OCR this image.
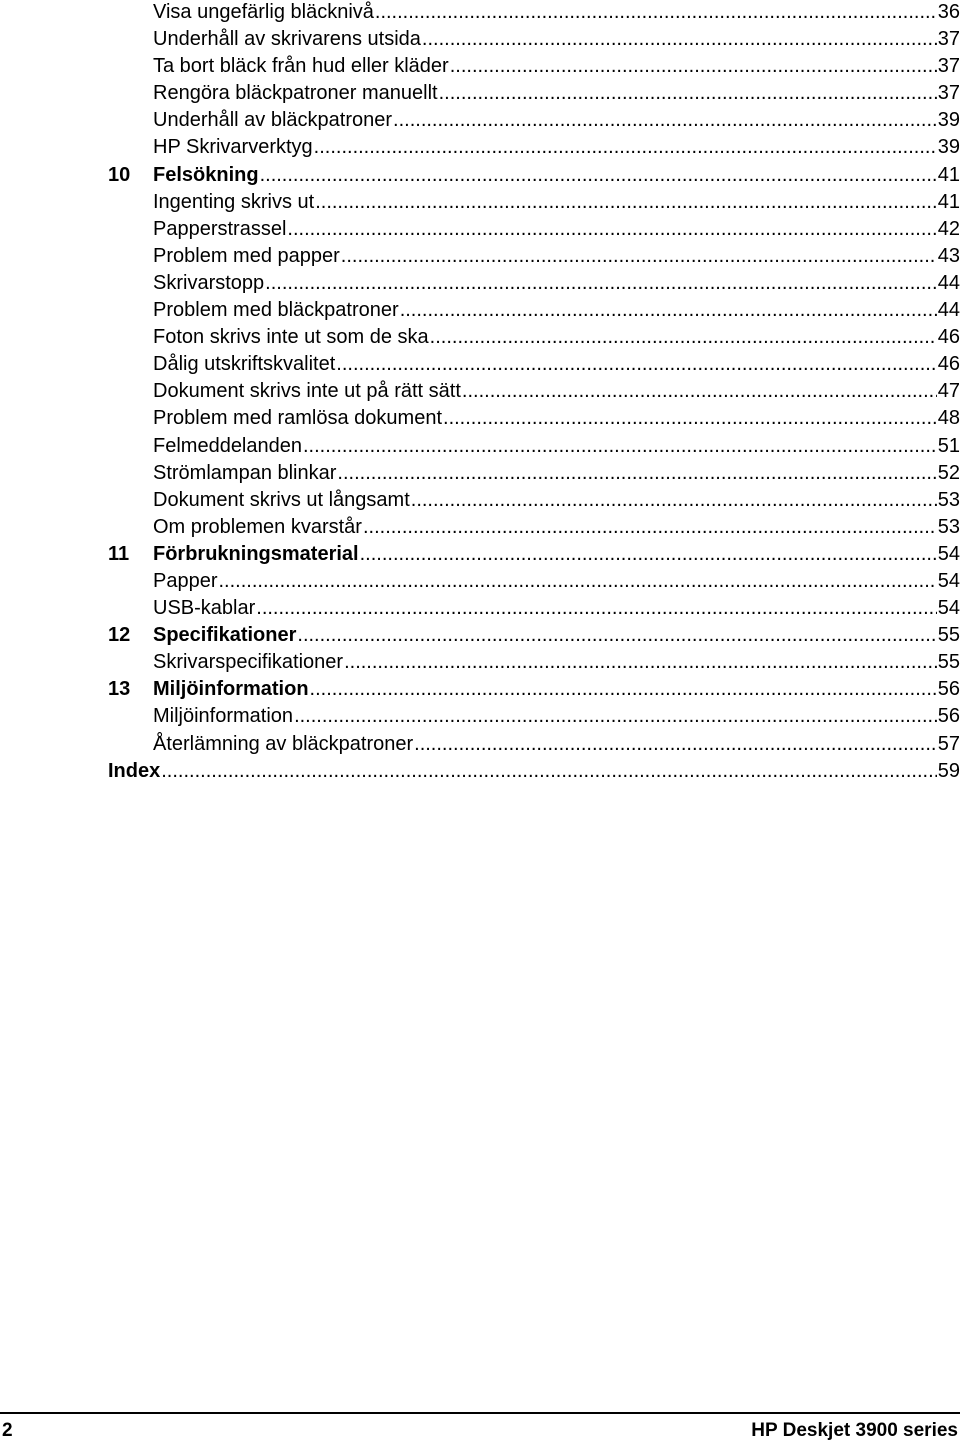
Visa ungefärlig bläcknivå .....	36
Underhåll av skrivarens utsida .....	37
Ta bort bläck från hud eller kläder .....	37
Rengöra bläckpatroner manuellt .....	37
Underhåll av bläckpatroner .....	39
HP Skrivarverktyg .....	39
10	Felsökning .....	41
Ingenting skrivs ut .....	41
Papperstrassel .....	42
Problem med papper .....	43
Skrivarstopp .....	44
Problem med bläckpatroner .....	44
Foton skrivs inte ut som de ska .....	46
Dålig utskriftskvalitet .....	46
Dokument skrivs inte ut på rätt sätt .....	47
Problem med ramlösa dokument .....	48
Felmeddelanden .....	51
Strömlampan blinkar .....	52
Dokument skrivs ut långsamt .....	53
Om problemen kvarstår .....	53
11	Förbrukningsmaterial .....	54
Papper .....	54
USB-kablar .....	54
12	Specifikationer .....	55
Skrivarspecifikationer .....	55
13	Miljöinformation .....	56
Miljöinformation .....	56
Återlämning av bläckpatroner .....	57
Index .....	59
2	HP Deskjet 3900 series
